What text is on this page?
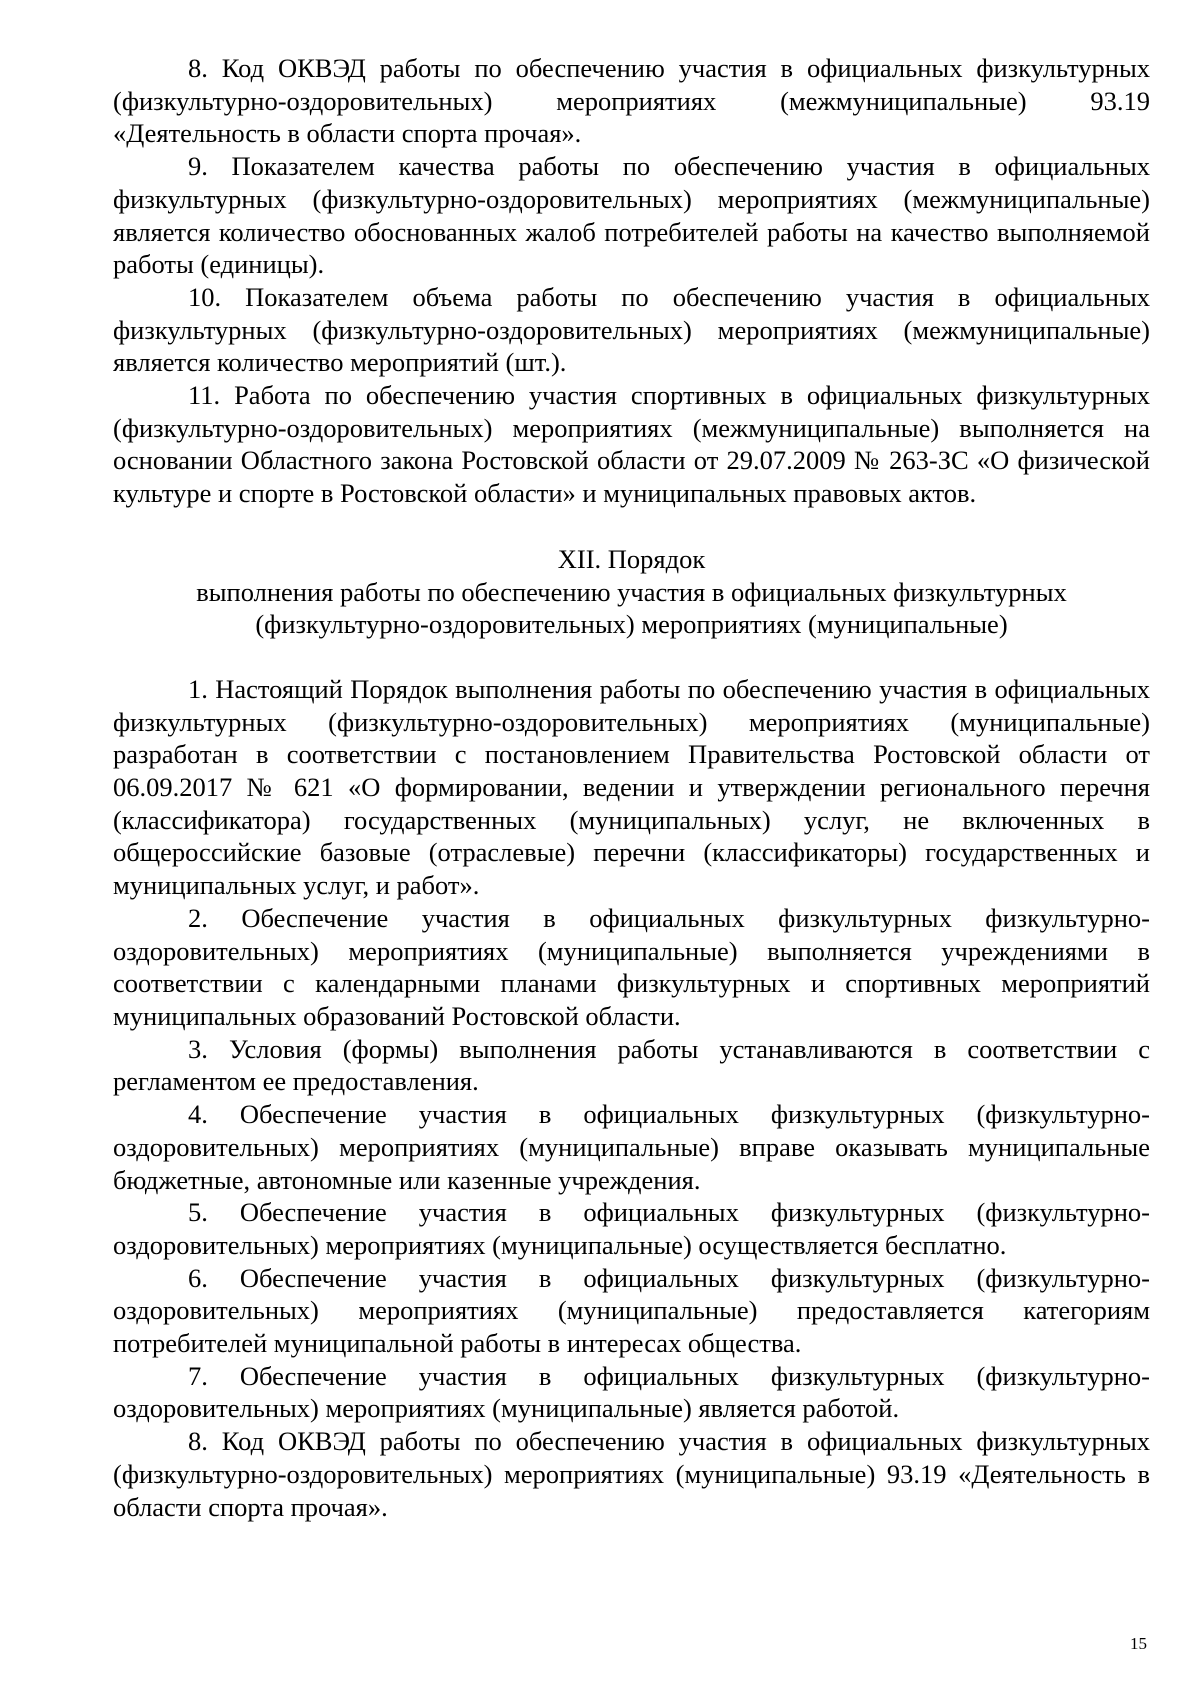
8. Код ОКВЭД работы по обеспечению участия в официальных физкультурных (физкультурно-оздоровительных) мероприятиях (межмуниципальные) 93.19 «Деятельность в области спорта прочая».

9. Показателем качества работы по обеспечению участия в официальных физкультурных (физкультурно-оздоровительных) мероприятиях (межмуниципальные) является количество обоснованных жалоб потребителей работы на качество выполняемой работы (единицы).

10. Показателем объема работы по обеспечению участия в официальных физкультурных (физкультурно-оздоровительных) мероприятиях (межмуниципальные) является количество мероприятий (шт.).

11. Работа по обеспечению участия спортивных в официальных физкультурных (физкультурно-оздоровительных) мероприятиях (межмуниципальные) выполняется на основании Областного закона Ростовской области от 29.07.2009 № 263-ЗС «О физической культуре и спорте в Ростовской области» и муниципальных правовых актов.

XII. Порядок
выполнения работы по обеспечению участия в официальных физкультурных
(физкультурно-оздоровительных) мероприятиях (муниципальные)

1. Настоящий Порядок выполнения работы по обеспечению участия в официальных физкультурных (физкультурно-оздоровительных) мероприятиях (муниципальные) разработан в соответствии с постановлением Правительства Ростовской области от 06.09.2017 № 621 «О формировании, ведении и утверждении регионального перечня (классификатора) государственных (муниципальных) услуг, не включенных в общероссийские базовые (отраслевые) перечни (классификаторы) государственных и муниципальных услуг, и работ».

2. Обеспечение участия в официальных физкультурных физкультурно-оздоровительных) мероприятиях (муниципальные) выполняется учреждениями в соответствии с календарными планами физкультурных и спортивных мероприятий муниципальных образований Ростовской области.

3. Условия (формы) выполнения работы устанавливаются в соответствии с регламентом ее предоставления.

4. Обеспечение участия в официальных физкультурных (физкультурно-оздоровительных) мероприятиях (муниципальные) вправе оказывать муниципальные бюджетные, автономные или казенные учреждения.

5. Обеспечение участия в официальных физкультурных (физкультурно-оздоровительных) мероприятиях (муниципальные) осуществляется бесплатно.

6. Обеспечение участия в официальных физкультурных (физкультурно-оздоровительных) мероприятиях (муниципальные) предоставляется категориям потребителей муниципальной работы в интересах общества.

7. Обеспечение участия в официальных физкультурных (физкультурно-оздоровительных) мероприятиях (муниципальные) является работой.

8. Код ОКВЭД работы по обеспечению участия в официальных физкультурных (физкультурно-оздоровительных) мероприятиях (муниципальные) 93.19 «Деятельность в области спорта прочая».

15
